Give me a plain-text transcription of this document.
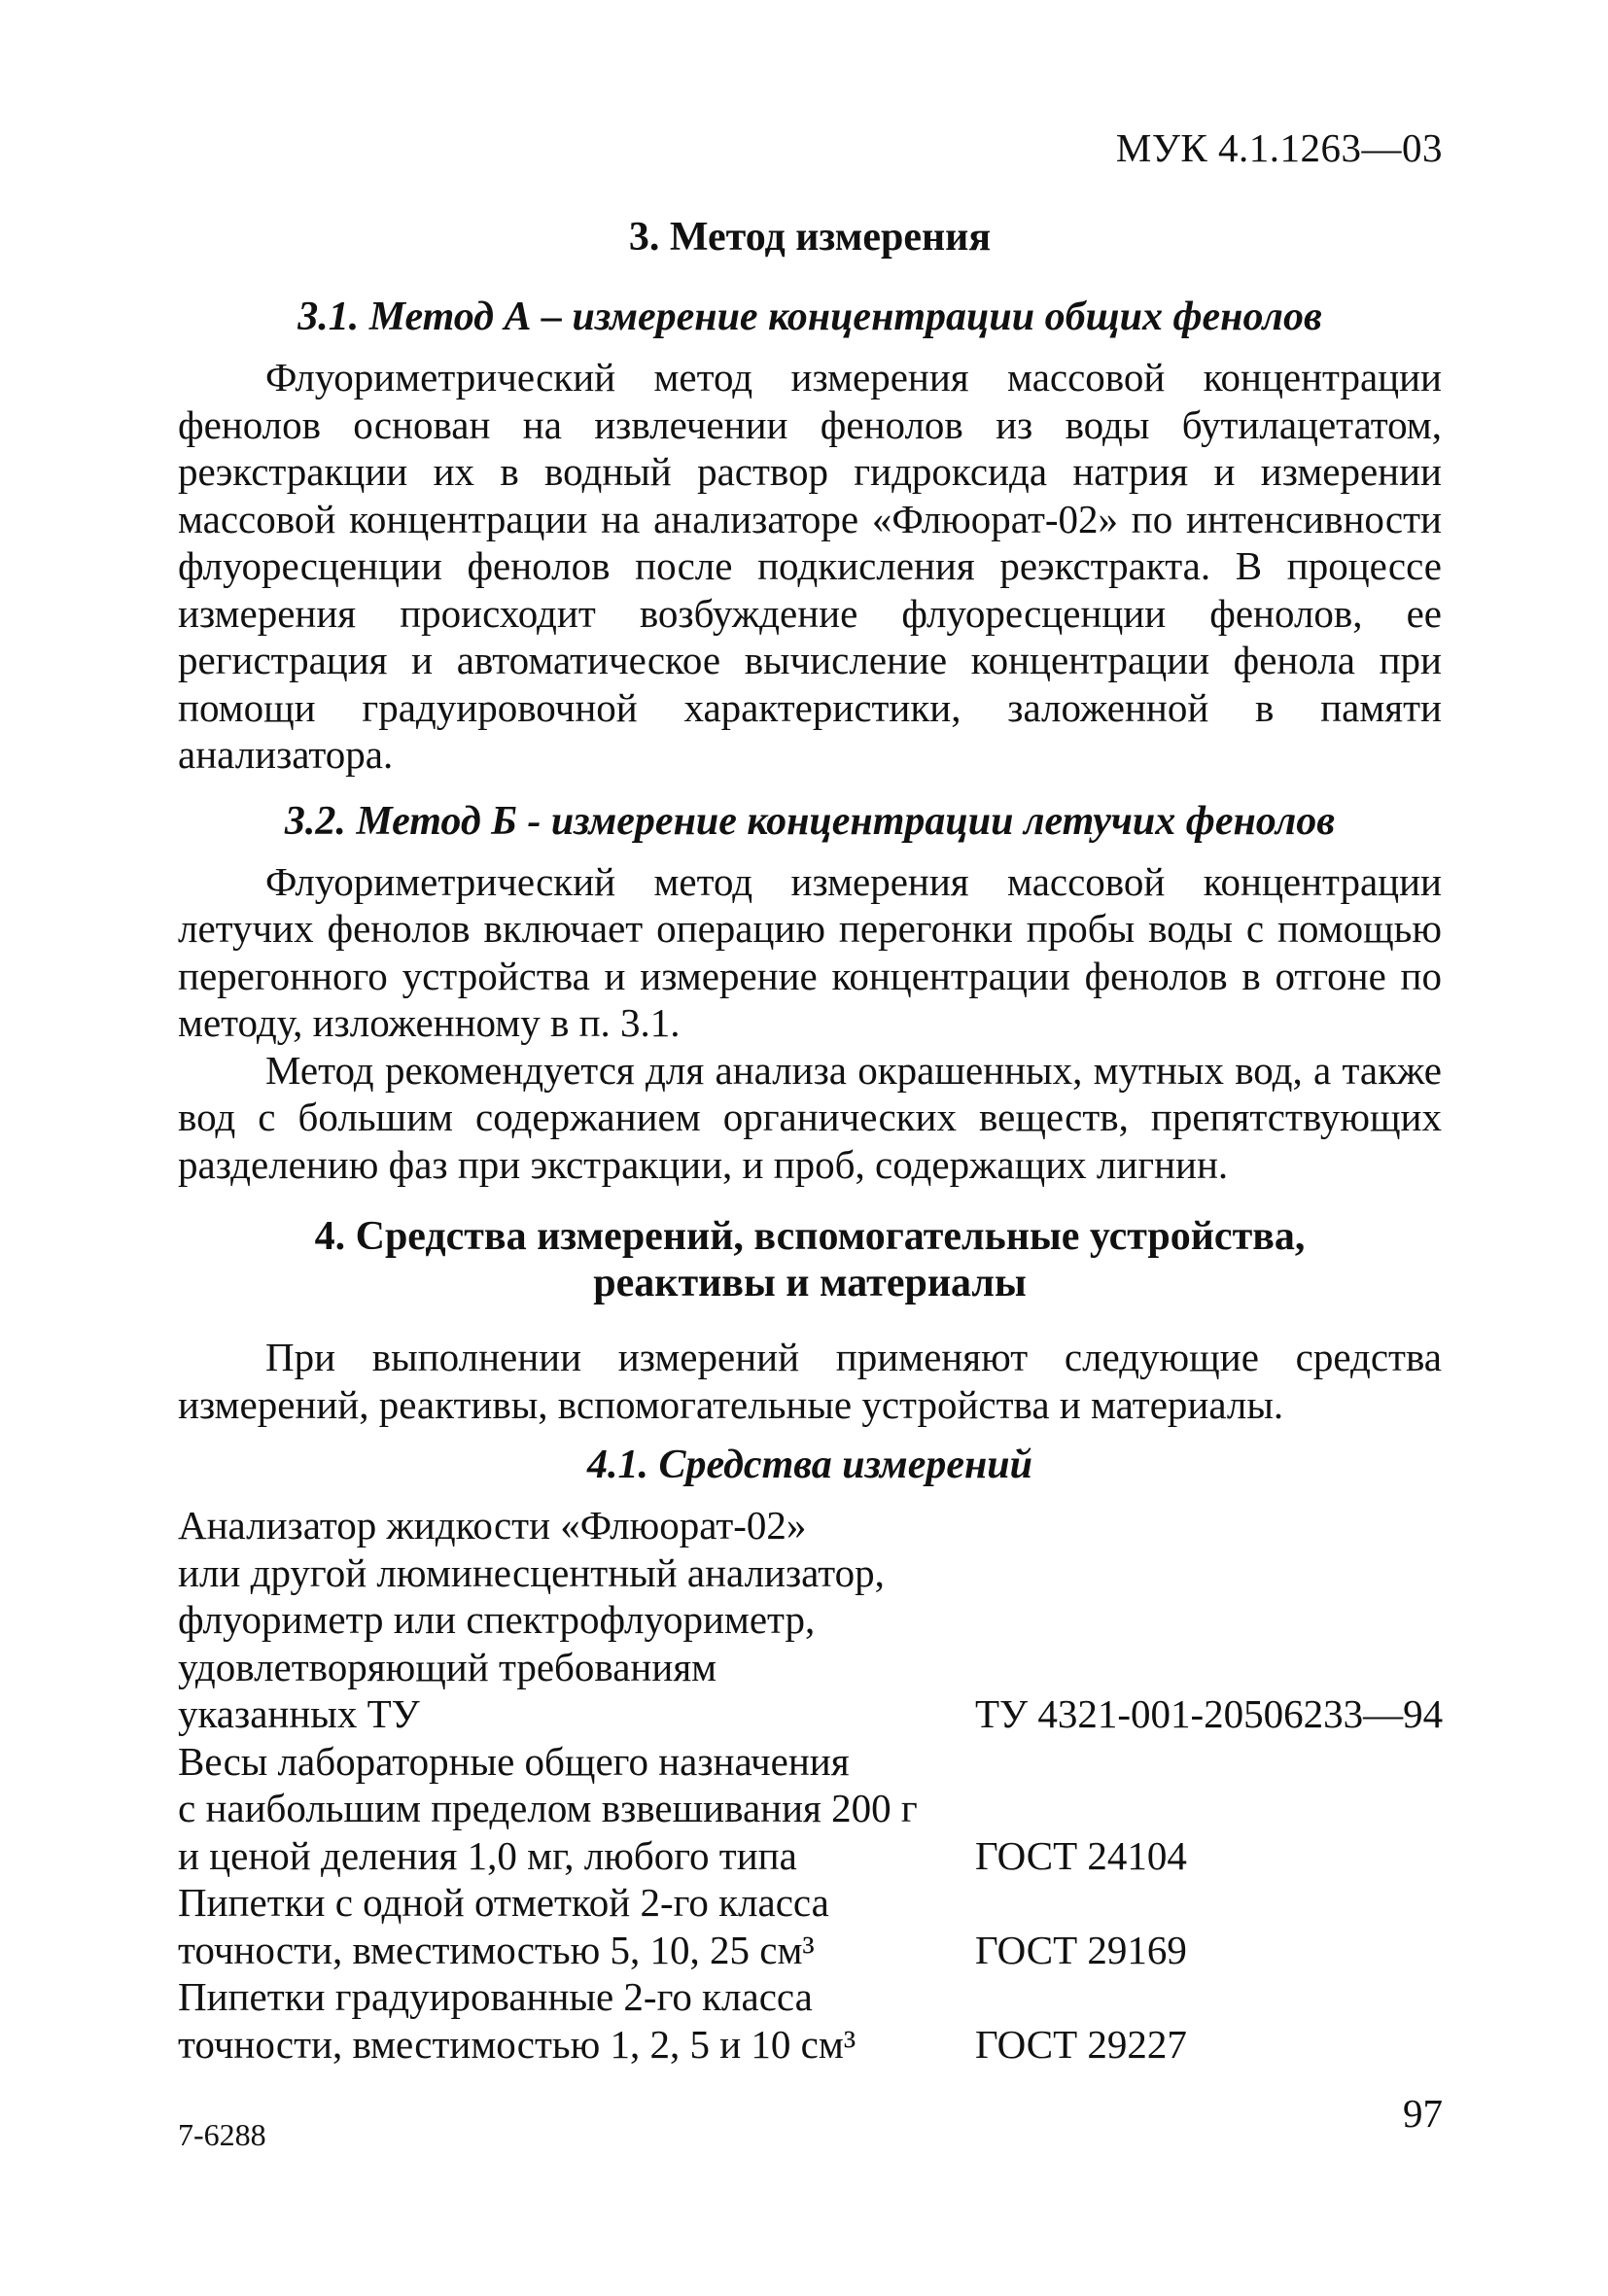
МУК 4.1.1263—03
3. Метод измерения
3.1. Метод А – измерение концентрации общих фенолов

Флуориметрический метод измерения массовой концентрации фенолов основан на извлечении фенолов из воды бутилацетатом, реэкстракции их в водный раствор гидроксида натрия и измерении массовой концентрации на анализаторе «Флюорат-02» по интенсивности флуоресценции фенолов после подкисления реэкстракта. В процессе измерения происходит возбуждение флуоресценции фенолов, ее регистрация и автоматическое вычисление концентрации фенола при помощи градуировочной характеристики, заложенной в памяти анализатора.

3.2. Метод Б - измерение концентрации летучих фенолов

Флуориметрический метод измерения массовой концентрации летучих фенолов включает операцию перегонки пробы воды с помощью перегонного устройства и измерение концентрации фенолов в отгоне по методу, изложенному в п. 3.1.

Метод рекомендуется для анализа окрашенных, мутных вод, а также вод с большим содержанием органических веществ, препятствующих разделению фаз при экстракции, и проб, содержащих лигнин.

4. Средства измерений, вспомогательные устройства,
реактивы и материалы

При выполнении измерений применяют следующие средства измерений, реактивы, вспомогательные устройства и материалы.

4.1. Средства измерений
Анализатор жидкости «Флюорат-02»
или другой люминесцентный анализатор,
флуориметр или спектрофлуориметр,
удовлетворяющий требованиям
указанных ТУ	ТУ 4321-001-20506233—94
Весы лабораторные общего назначения
с наибольшим пределом взвешивания 200 г
и ценой деления 1,0 мг, любого типа	ГОСТ 24104
Пипетки с одной отметкой 2-го класса
точности, вместимостью 5, 10, 25 см³	ГОСТ 29169
Пипетки градуированные 2-го класса
точности, вместимостью 1, 2, 5 и 10 см³	ГОСТ 29227
7-6288	97
